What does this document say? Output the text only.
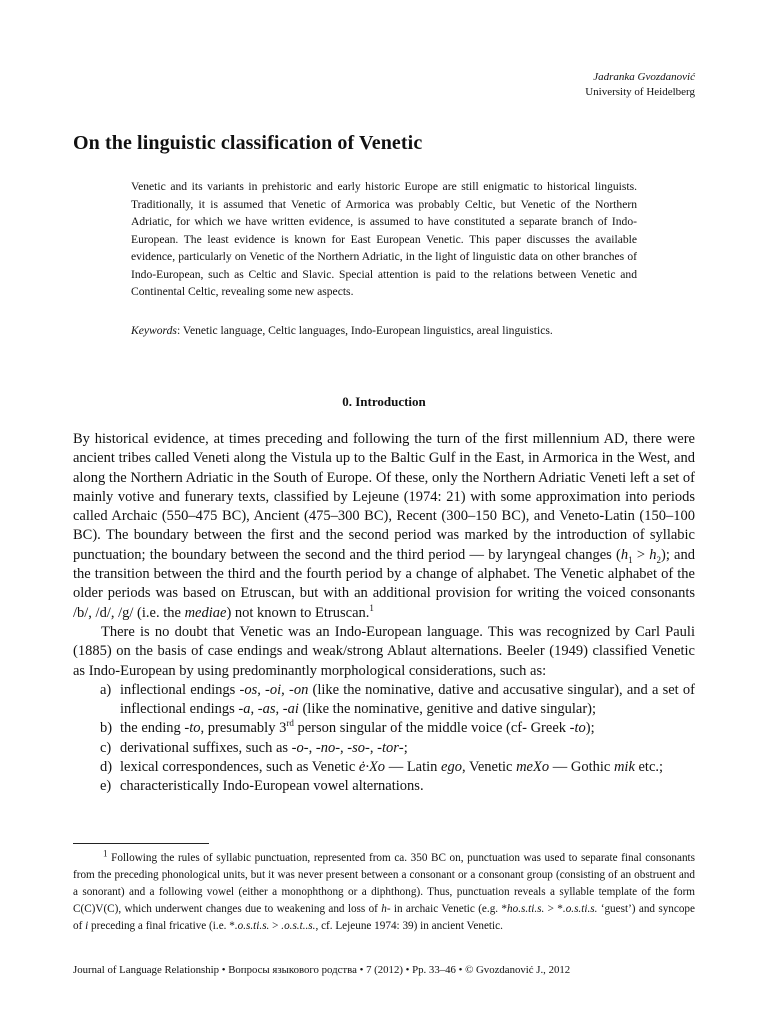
Jadranka Gvozdanović
University of Heidelberg
On the linguistic classification of Venetic

Venetic and its variants in prehistoric and early historic Europe are still enigmatic to historical linguists. Traditionally, it is assumed that Venetic of Armorica was probably Celtic, but Venetic of the Northern Adriatic, for which we have written evidence, is assumed to have constituted a separate branch of Indo-European. The least evidence is known for East European Venetic. This paper discusses the available evidence, particularly on Venetic of the Northern Adriatic, in the light of linguistic data on other branches of Indo-European, such as Celtic and Slavic. Special attention is paid to the relations between Venetic and Continental Celtic, revealing some new aspects.

Keywords: Venetic language, Celtic languages, Indo-European linguistics, areal linguistics.

0. Introduction

By historical evidence, at times preceding and following the turn of the first millennium AD, there were ancient tribes called Veneti along the Vistula up to the Baltic Gulf in the East, in Armorica in the West, and along the Northern Adriatic in the South of Europe. Of these, only the Northern Adriatic Veneti left a set of mainly votive and funerary texts, classified by Lejeune (1974: 21) with some approximation into periods called Archaic (550–475 BC), Ancient (475–300 BC), Recent (300–150 BC), and Veneto-Latin (150–100 BC). The boundary between the first and the second period was marked by the introduction of syllabic punctuation; the boundary between the second and the third period — by laryngeal changes $(h_1 > h_2)$; and the transition between the third and the fourth period by a change of alphabet. The Venetic alphabet of the older periods was based on Etruscan, but with an additional provision for writing the voiced consonants /b/, /d/, /g/ (i.e. the mediae) not known to Etruscan.$^1$

There is no doubt that Venetic was an Indo-European language. This was recognized by Carl Pauli (1885) on the basis of case endings and weak/strong Ablaut alternations. Beeler (1949) classified Venetic as Indo-European by using predominantly morphological considerations, such as:

a) inflectional endings -os, -oi, -on (like the nominative, dative and accusative singular), and a set of inflectional endings -a, -as, -ai (like the nominative, genitive and dative singular);
b) the ending -to, presumably 3rd person singular of the middle voice (cf- Greek -to);
c) derivational suffixes, such as -o-, -no-, -so-, -tor-;
d) lexical correspondences, such as Venetic ė·Xo — Latin ego, Venetic meXo — Gothic mik etc.;
e) characteristically Indo-European vowel alternations.

$^1$ Following the rules of syllabic punctuation, represented from ca. 350 BC on, punctuation was used to separate final consonants from the preceding phonological units, but it was never present between a consonant or a consonant group (consisting of an obstruent and a sonorant) and a following vowel (either a monophthong or a diphthong). Thus, punctuation reveals a syllable template of the form C(C)V(C), which underwent changes due to weakening and loss of h- in archaic Venetic (e.g. *ho.s.ti.s. > *.o.s.ti.s. ‘guest’) and syncope of i preceding a final fricative (i.e. *.o.s.ti.s. > .o.s.t..s., cf. Lejeune 1974: 39) in ancient Venetic.

Journal of Language Relationship • Вопросы языкового родства • 7 (2012) • Pp. 33–46 • © Gvozdanović J., 2012
